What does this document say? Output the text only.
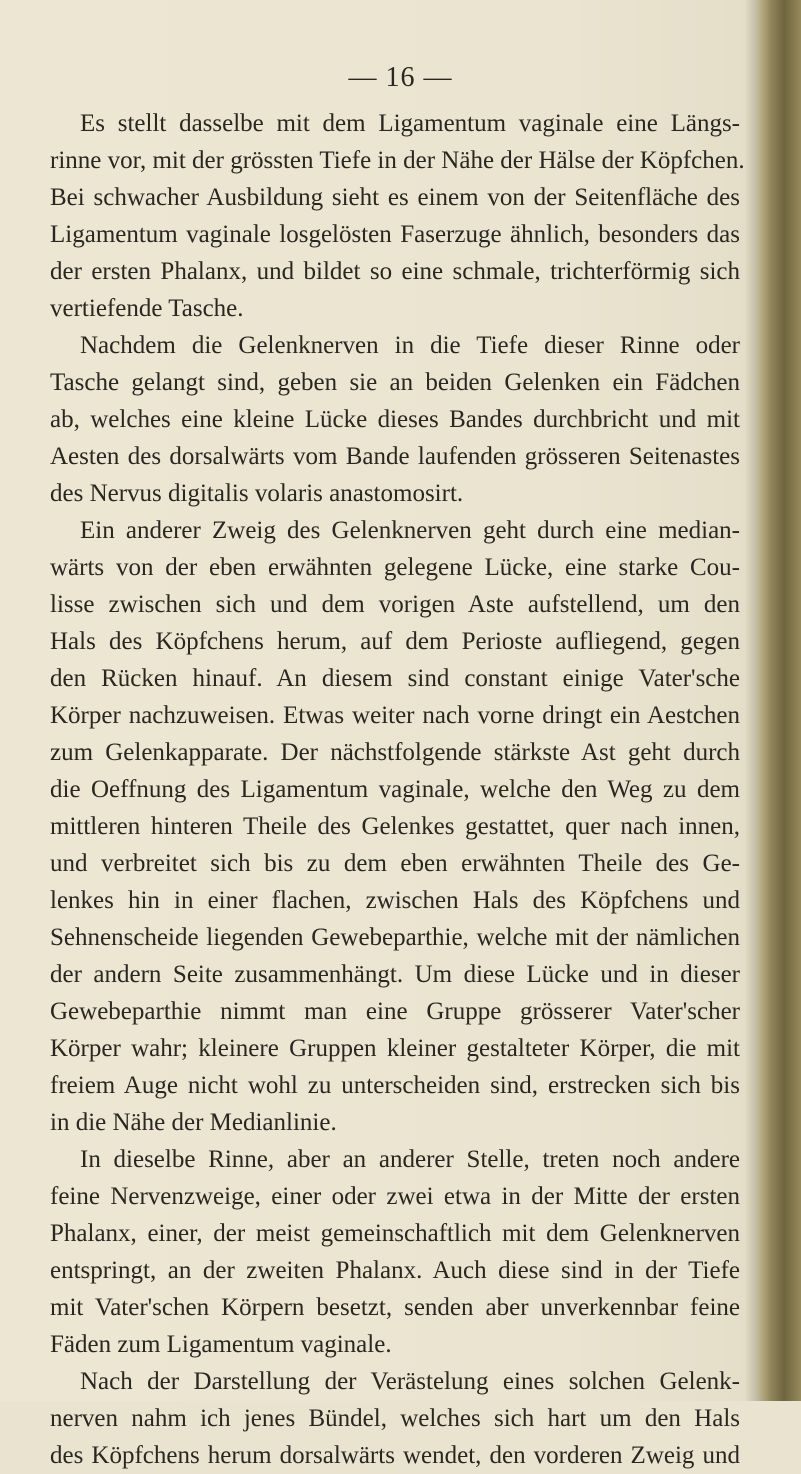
— 16 —
Es stellt dasselbe mit dem Ligamentum vaginale eine Längs-
rinne vor, mit der grössten Tiefe in der Nähe der Hälse der Köpfchen.
Bei schwacher Ausbildung sieht es einem von der Seitenfläche des
Ligamentum vaginale losgelösten Faserzuge ähnlich, besonders das
der ersten Phalanx, und bildet so eine schmale, trichterförmig sich
vertiefende Tasche.
Nachdem die Gelenknerven in die Tiefe dieser Rinne oder
Tasche gelangt sind, geben sie an beiden Gelenken ein Fädchen
ab, welches eine kleine Lücke dieses Bandes durchbricht und mit
Aesten des dorsalwärts vom Bande laufenden grösseren Seitenastes
des Nervus digitalis volaris anastomosirt.
Ein anderer Zweig des Gelenknerven geht durch eine median-
wärts von der eben erwähnten gelegene Lücke, eine starke Cou-
lisse zwischen sich und dem vorigen Aste aufstellend, um den
Hals des Köpfchens herum, auf dem Perioste aufliegend, gegen
den Rücken hinauf. An diesem sind constant einige Vater'sche
Körper nachzuweisen. Etwas weiter nach vorne dringt ein Aestchen
zum Gelenkapparate. Der nächstfolgende stärkste Ast geht durch
die Oeffnung des Ligamentum vaginale, welche den Weg zu dem
mittleren hinteren Theile des Gelenkes gestattet, quer nach innen,
und verbreitet sich bis zu dem eben erwähnten Theile des Ge-
lenkes hin in einer flachen, zwischen Hals des Köpfchens und
Sehnenscheide liegenden Gewebeparthie, welche mit der nämlichen
der andern Seite zusammenhängt. Um diese Lücke und in dieser
Gewebeparthie nimmt man eine Gruppe grösserer Vater'scher
Körper wahr; kleinere Gruppen kleiner gestalteter Körper, die mit
freiem Auge nicht wohl zu unterscheiden sind, erstrecken sich bis
in die Nähe der Medianlinie.
In dieselbe Rinne, aber an anderer Stelle, treten noch andere
feine Nervenzweige, einer oder zwei etwa in der Mitte der ersten
Phalanx, einer, der meist gemeinschaftlich mit dem Gelenknerven
entspringt, an der zweiten Phalanx. Auch diese sind in der Tiefe
mit Vater'schen Körpern besetzt, senden aber unverkennbar feine
Fäden zum Ligamentum vaginale.
Nach der Darstellung der Verästelung eines solchen Gelenk-
nerven nahm ich jenes Bündel, welches sich hart um den Hals
des Köpfchens herum dorsalwärts wendet, den vorderen Zweig und
